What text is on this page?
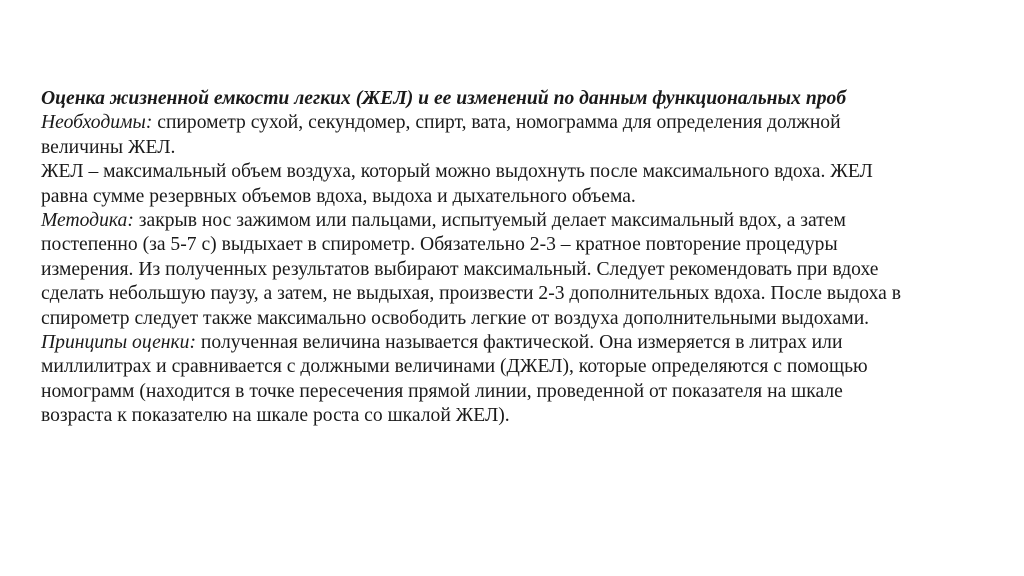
Оценка жизненной емкости легких (ЖЕЛ) и ее изменений по данным функциональных проб
Необходимы: спирометр сухой, секундомер, спирт, вата, номограмма для определения должной
величины ЖЕЛ.
ЖЕЛ – максимальный объем воздуха, который можно выдохнуть после максимального вдоха. ЖЕЛ
равна сумме резервных объемов вдоха, выдоха и дыхательного объема.
Методика: закрыв нос зажимом или пальцами, испытуемый делает максимальный вдох, а затем
постепенно (за 5-7 с) выдыхает в спирометр. Обязательно 2-3 – кратное повторение процедуры
измерения. Из полученных результатов выбирают максимальный. Следует рекомендовать при вдохе
сделать небольшую паузу, а затем, не выдыхая, произвести 2-3 дополнительных вдоха. После выдоха в
спирометр следует также максимально освободить легкие от воздуха дополнительными выдохами.
Принципы оценки: полученная величина называется фактической. Она измеряется в литрах или
миллилитрах и сравнивается с должными величинами (ДЖЕЛ), которые определяются с помощью
номограмм (находится в точке пересечения прямой линии, проведенной от показателя на шкале
возраста к показателю на шкале роста со шкалой ЖЕЛ).
